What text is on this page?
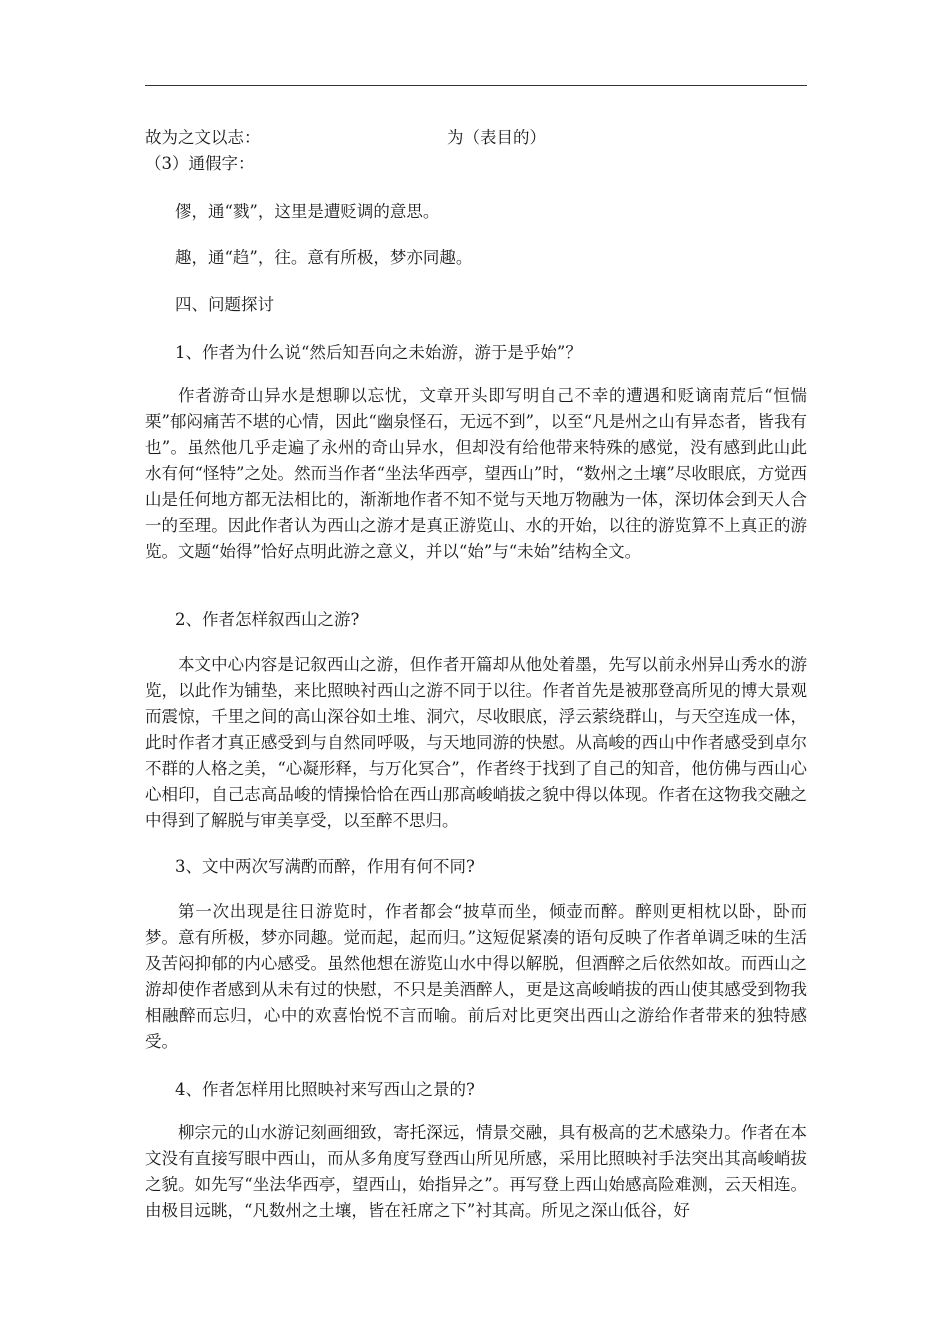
故为之文以志：	为（表目的）
（3）通假字：
僇，通“戮”，这里是遭贬调的意思。
趣，通“趋”，往。意有所极，梦亦同趣。
四、问题探讨
1、作者为什么说“然后知吾向之未始游，游于是乎始”？
作者游奇山异水是想聊以忘忧，文章开头即写明自己不幸的遭遇和贬谪南荒后“恒惴栗”郁闷痛苦不堪的心情，因此“幽泉怪石，无远不到”，以至“凡是州之山有异态者，皆我有也”。虽然他几乎走遍了永州的奇山异水，但却没有给他带来特殊的感觉，没有感到此山此水有何“怪特”之处。然而当作者“坐法华西亭，望西山”时，“数州之土壤”尽收眼底，方觉西山是任何地方都无法相比的，渐渐地作者不知不觉与天地万物融为一体，深切体会到天人合一的至理。因此作者认为西山之游才是真正游览山、水的开始，以往的游览算不上真正的游览。文题“始得”恰好点明此游之意义，并以“始”与“未始”结构全文。
2、作者怎样叙西山之游?
本文中心内容是记叙西山之游，但作者开篇却从他处着墨，先写以前永州异山秀水的游览，以此作为铺垫，来比照映衬西山之游不同于以往。作者首先是被那登高所见的博大景观而震惊，千里之间的高山深谷如土堆、洞穴，尽收眼底，浮云萦绕群山，与天空连成一体，此时作者才真正感受到与自然同呼吸，与天地同游的快慰。从高峻的西山中作者感受到卓尔不群的人格之美，“心凝形释，与万化冥合”，作者终于找到了自己的知音，他仿佛与西山心心相印，自己志高品峻的情操恰恰在西山那高峻峭拔之貌中得以体现。作者在这物我交融之中得到了解脱与审美享受，以至醉不思归。
3、文中两次写满酌而醉，作用有何不同?
第一次出现是往日游览时，作者都会“披草而坐，倾壶而醉。醉则更相枕以卧，卧而梦。意有所极，梦亦同趣。觉而起，起而归。”这短促紧凑的语句反映了作者单调乏味的生活及苦闷抑郁的内心感受。虽然他想在游览山水中得以解脱，但酒醉之后依然如故。而西山之游却使作者感到从未有过的快慰，不只是美酒醉人，更是这高峻峭拔的西山使其感受到物我相融醉而忘归，心中的欢喜怡悦不言而喻。前后对比更突出西山之游给作者带来的独特感受。
4、作者怎样用比照映衬来写西山之景的?
柳宗元的山水游记刻画细致，寄托深远，情景交融，具有极高的艺术感染力。作者在本文没有直接写眼中西山，而从多角度写登西山所见所感，采用比照映衬手法突出其高峻峭拔之貌。如先写“坐法华西亭，望西山，始指异之”。再写登上西山始感高险难测，云天相连。由极目远眺，“凡数州之土壤，皆在衽席之下”衬其高。所见之深山低谷，好
